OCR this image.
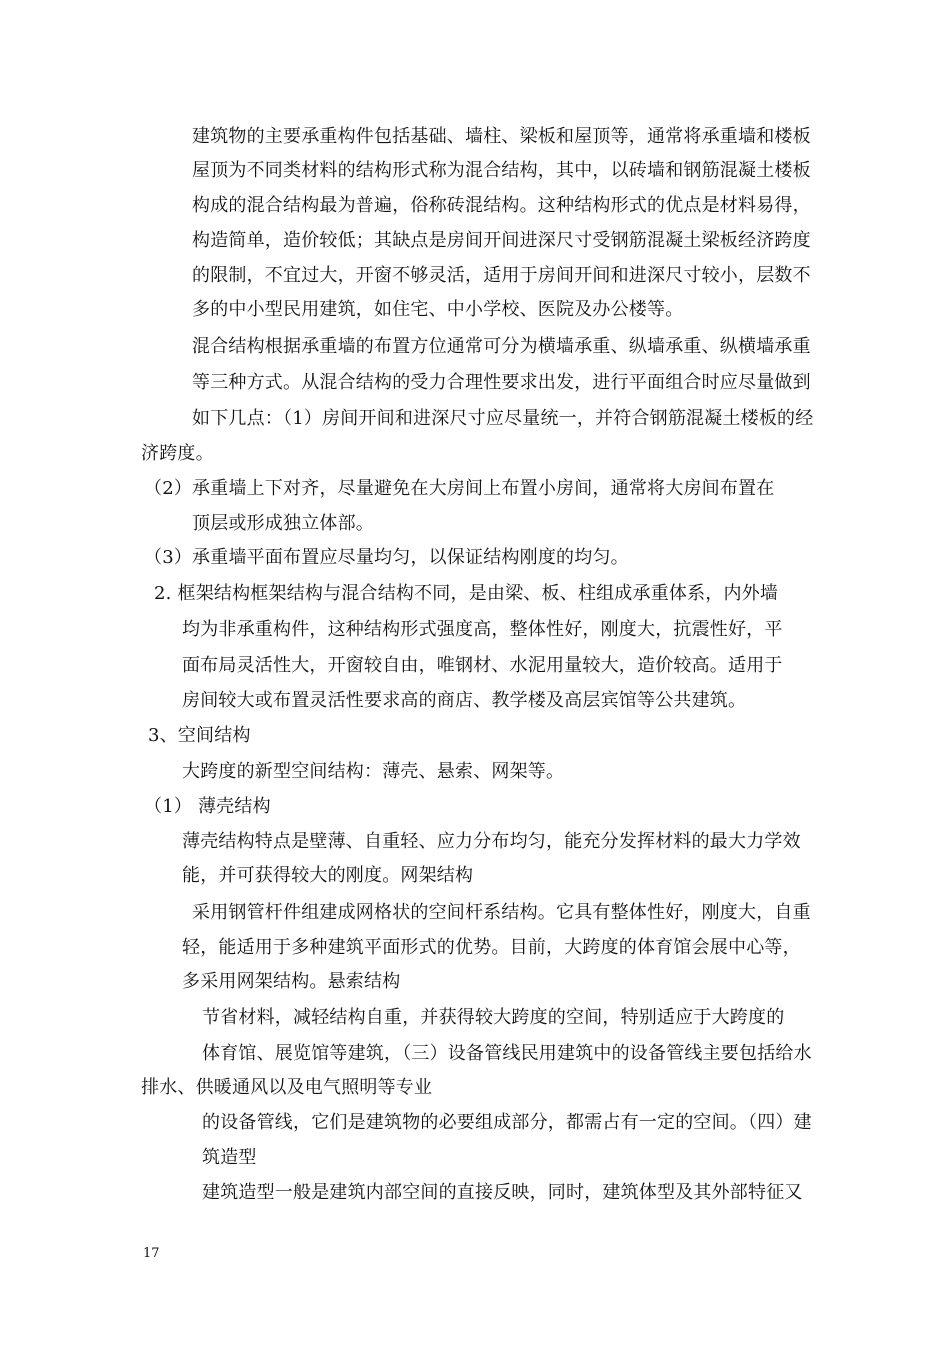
建筑物的主要承重构件包括基础、墙柱、梁板和屋顶等，通常将承重墙和楼板
屋顶为不同类材料的结构形式称为混合结构，其中，以砖墙和钢筋混凝土楼板
构成的混合结构最为普遍，俗称砖混结构。这种结构形式的优点是材料易得，
构造简单，造价较低；其缺点是房间开间进深尺寸受钢筋混凝土梁板经济跨度
的限制，不宜过大，开窗不够灵活，适用于房间开间和进深尺寸较小，层数不
多的中小型民用建筑，如住宅、中小学校、医院及办公楼等。
混合结构根据承重墙的布置方位通常可分为横墙承重、纵墙承重、纵横墙承重
等三种方式。从混合结构的受力合理性要求出发，进行平面组合时应尽量做到
如下几点：（1）房间开间和进深尺寸应尽量统一，并符合钢筋混凝土楼板的经
济跨度。
（2）承重墙上下对齐，尽量避免在大房间上布置小房间，通常将大房间布置在
顶层或形成独立体部。
（3）承重墙平面布置应尽量均匀，以保证结构刚度的均匀。
2. 框架结构框架结构与混合结构不同，是由梁、板、柱组成承重体系，内外墙
均为非承重构件，这种结构形式强度高，整体性好，刚度大，抗震性好，平
面布局灵活性大，开窗较自由，唯钢材、水泥用量较大，造价较高。适用于
房间较大或布置灵活性要求高的商店、教学楼及高层宾馆等公共建筑。
3、空间结构
大跨度的新型空间结构：薄壳、悬索、网架等。
（1） 薄壳结构
薄壳结构特点是壁薄、自重轻、应力分布均匀，能充分发挥材料的最大力学效
能，并可获得较大的刚度。网架结构
采用钢管杆件组建成网格状的空间杆系结构。它具有整体性好，刚度大，自重
轻，能适用于多种建筑平面形式的优势。目前，大跨度的体育馆会展中心等，
多采用网架结构。悬索结构
节省材料，减轻结构自重，并获得较大跨度的空间，特别适应于大跨度的
体育馆、展览馆等建筑，（三）设备管线民用建筑中的设备管线主要包括给水
排水、供暖通风以及电气照明等专业
的设备管线，它们是建筑物的必要组成部分，都需占有一定的空间。（四）建
筑造型
建筑造型一般是建筑内部空间的直接反映，同时，建筑体型及其外部特征又
17
